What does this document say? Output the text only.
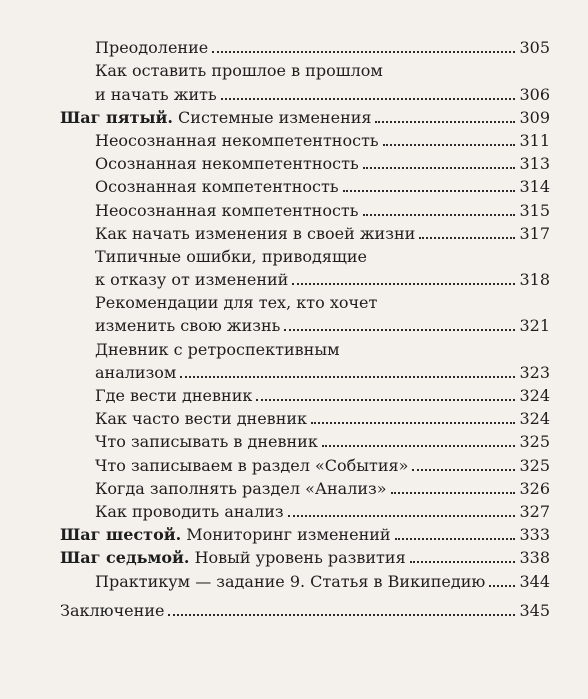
Преодоление	305
Как оставить прошлое в прошлом
и начать жить	306
Шаг пятый. Системные изменения	309
Неосознанная некомпетентность	311
Осознанная некомпетентность	313
Осознанная компетентность	314
Неосознанная компетентность	315
Как начать изменения в своей жизни	317
Типичные ошибки, приводящие
к отказу от изменений	318
Рекомендации для тех, кто хочет
изменить свою жизнь	321
Дневник с ретроспективным
анализом	323
Где вести дневник	324
Как часто вести дневник	324
Что записывать в дневник	325
Что записываем в раздел «События»	325
Когда заполнять раздел «Анализ»	326
Как проводить анализ	327
Шаг шестой. Мониторинг изменений	333
Шаг седьмой. Новый уровень развития	338
Практикум — задание 9. Статья в Википедию 344
Заключение	345
